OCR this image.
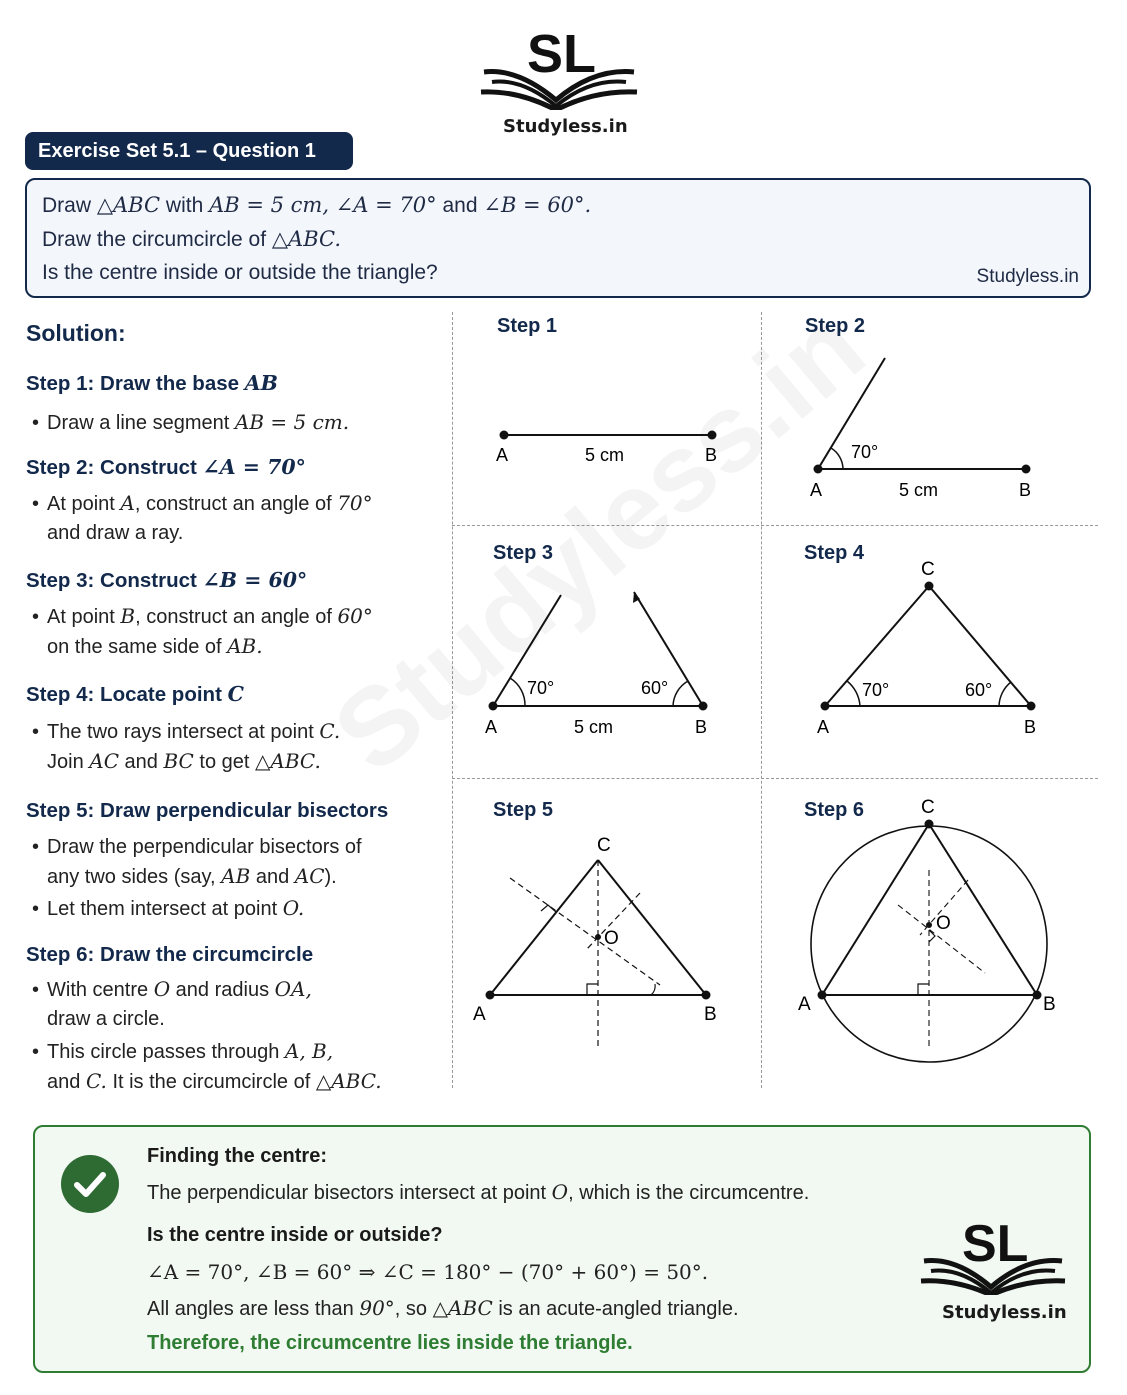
SL
Studyless.in
Exercise Set 5.1 – Question 1
Draw △ABC with AB = 5 cm, ∠A = 70° and ∠B = 60°.
Draw the circumcircle of △ABC.
Is the centre inside or outside the triangle?	Studyless.in
Solution:
Step 1: Draw the base AB
• Draw a line segment AB = 5 cm.
Step 2: Construct ∠A = 70°
• At point A, construct an angle of 70°
and draw a ray.
Step 3: Construct ∠B = 60°
• At point B, construct an angle of 60°
on the same side of AB.
Step 4: Locate point C
• The two rays intersect at point C.
Join AC and BC to get △ABC.
Step 5: Draw perpendicular bisectors
• Draw the perpendicular bisectors of
any two sides (say, AB and AC).
• Let them intersect at point O.
Step 6: Draw the circumcircle
• With centre O and radius OA,
draw a circle.
• This circle passes through A, B,
and C. It is the circumcircle of △ABC.
Step 1	Step 2
Step 3	Step 4
Step 5	Step 6
A	5 cm	B	70°
A	5 cm	B
70°	60°
A	5 cm	B
70°	60°
C
A	B
O
C
A	B
O
C
A	B
Finding the centre:
The perpendicular bisectors intersect at point O, which is the circumcentre.
Is the centre inside or outside?
∠A = 70°, ∠B = 60° ⇒ ∠C = 180° − (70° + 60°) = 50°.
All angles are less than 90°, so △ABC is an acute-angled triangle.
Therefore, the circumcentre lies inside the triangle.
SL
Studyless.in
